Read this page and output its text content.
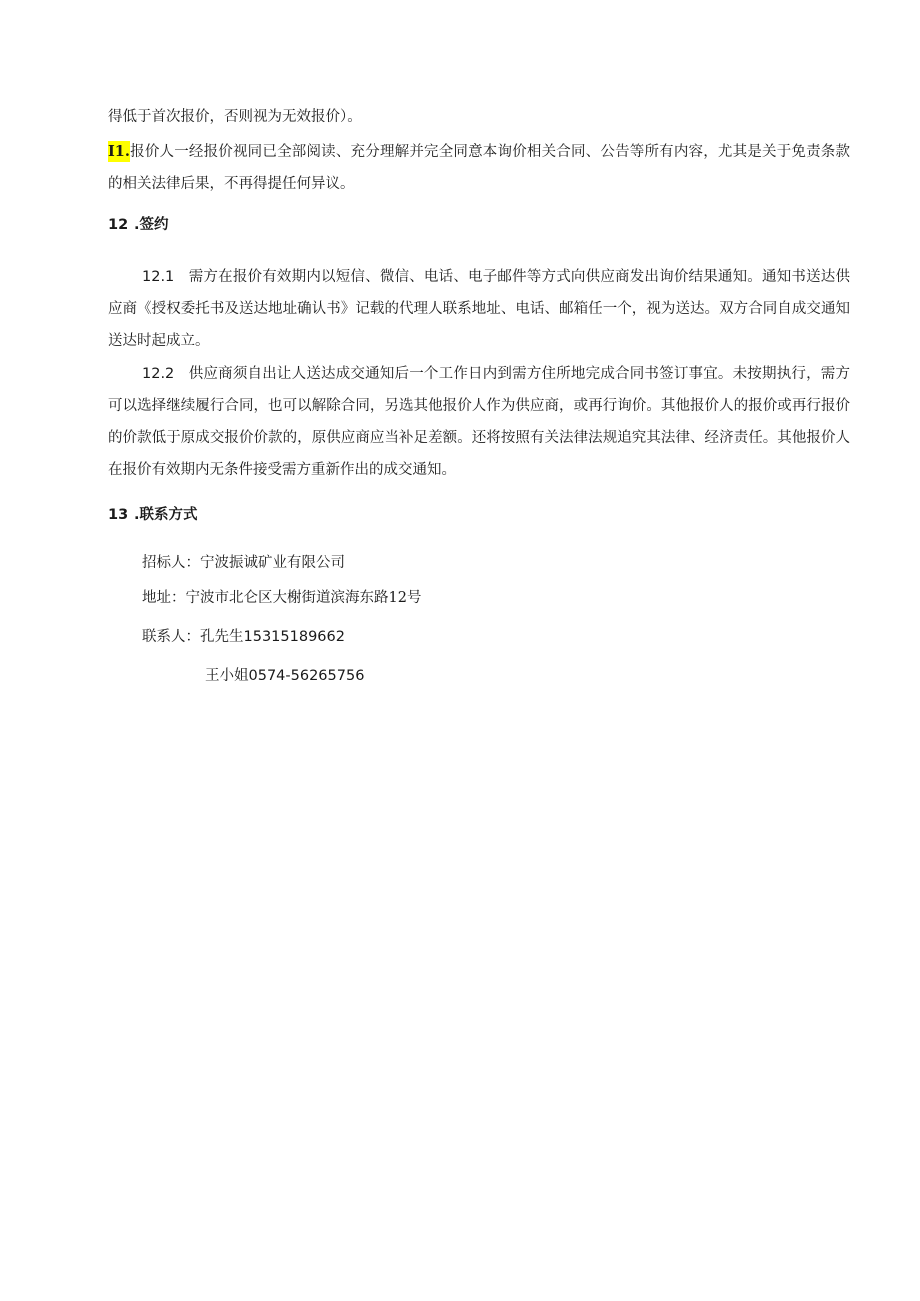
得低于首次报价，否则视为无效报价）。

I1.报价人一经报价视同已全部阅读、充分理解并完全同意本询价相关合同、公告等所有内容，尤其是关于免责条款的相关法律后果，不再得提任何异议。

12 .签约

12.1 需方在报价有效期内以短信、微信、电话、电子邮件等方式向供应商发出询价结果通知。通知书送达供应商《授权委托书及送达地址确认书》记载的代理人联系地址、电话、邮箱任一个，视为送达。双方合同自成交通知送达时起成立。

12.2 供应商须自出让人送达成交通知后一个工作日内到需方住所地完成合同书签订事宜。未按期执行，需方可以选择继续履行合同，也可以解除合同，另选其他报价人作为供应商，或再行询价。其他报价人的报价或再行报价的价款低于原成交报价价款的，原供应商应当补足差额。还将按照有关法律法规追究其法律、经济责任。其他报价人在报价有效期内无条件接受需方重新作出的成交通知。

13 .联系方式

招标人：宁波振诚矿业有限公司

地址：宁波市北仑区大榭街道滨海东路12号

联系人：孔先生15315189662

王小姐0574-56265756
